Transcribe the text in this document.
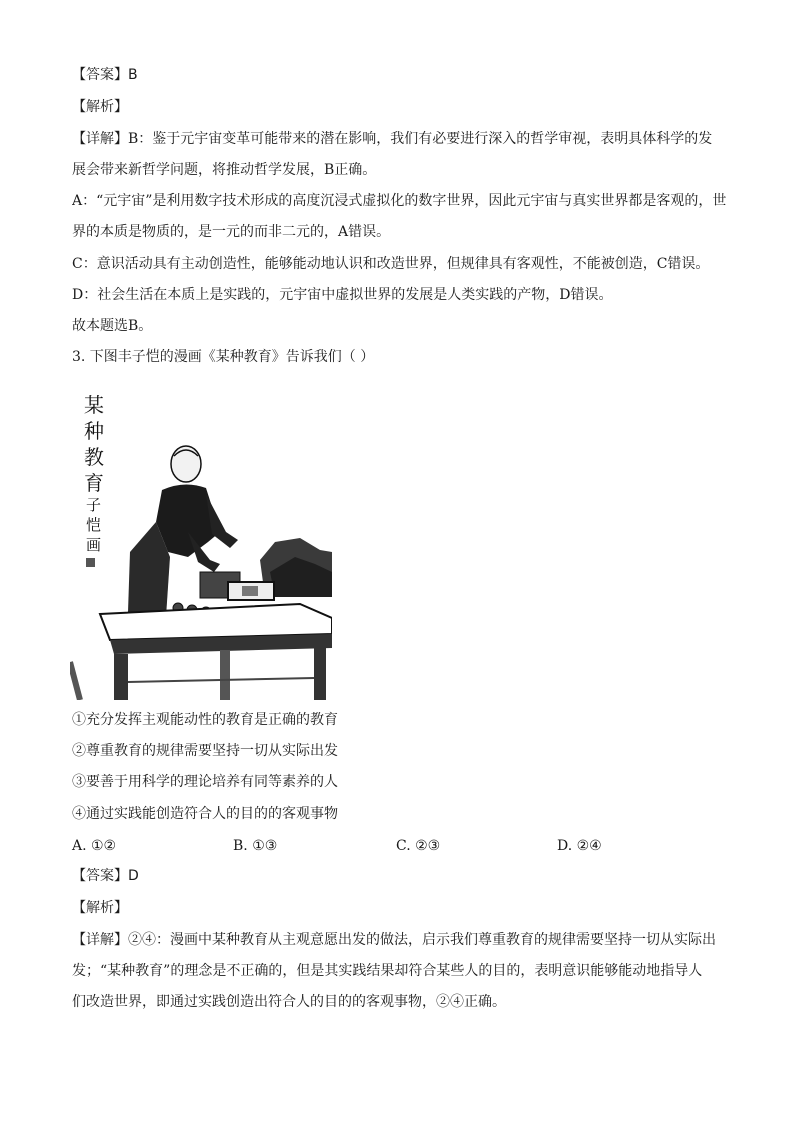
【答案】B
【解析】
【详解】B：鉴于元宇宙变革可能带来的潜在影响，我们有必要进行深入的哲学审视，表明具体科学的发
展会带来新哲学问题，将推动哲学发展，B正确。
A：“元宇宙”是利用数字技术形成的高度沉浸式虚拟化的数字世界，因此元宇宙与真实世界都是客观的，世
界的本质是物质的，是一元的而非二元的，A错误。
C：意识活动具有主动创造性，能够能动地认识和改造世界，但规律具有客观性，不能被创造，C错误。
D：社会生活在本质上是实践的，元宇宙中虚拟世界的发展是人类实践的产物，D错误。
故本题选B。
3. 下图丰子恺的漫画《某种教育》告诉我们（ ）
某
种
教
育
子
恺
画
①充分发挥主观能动性的教育是正确的教育
②尊重教育的规律需要坚持一切从实际出发
③要善于用科学的理论培养有同等素养的人
④通过实践能创造符合人的目的的客观事物
A. ①②	B. ①③	C. ②③	D. ②④
【答案】D
【解析】
【详解】②④：漫画中某种教育从主观意愿出发的做法，启示我们尊重教育的规律需要坚持一切从实际出
发；“某种教育”的理念是不正确的，但是其实践结果却符合某些人的目的，表明意识能够能动地指导人
们改造世界，即通过实践创造出符合人的目的的客观事物，②④正确。
